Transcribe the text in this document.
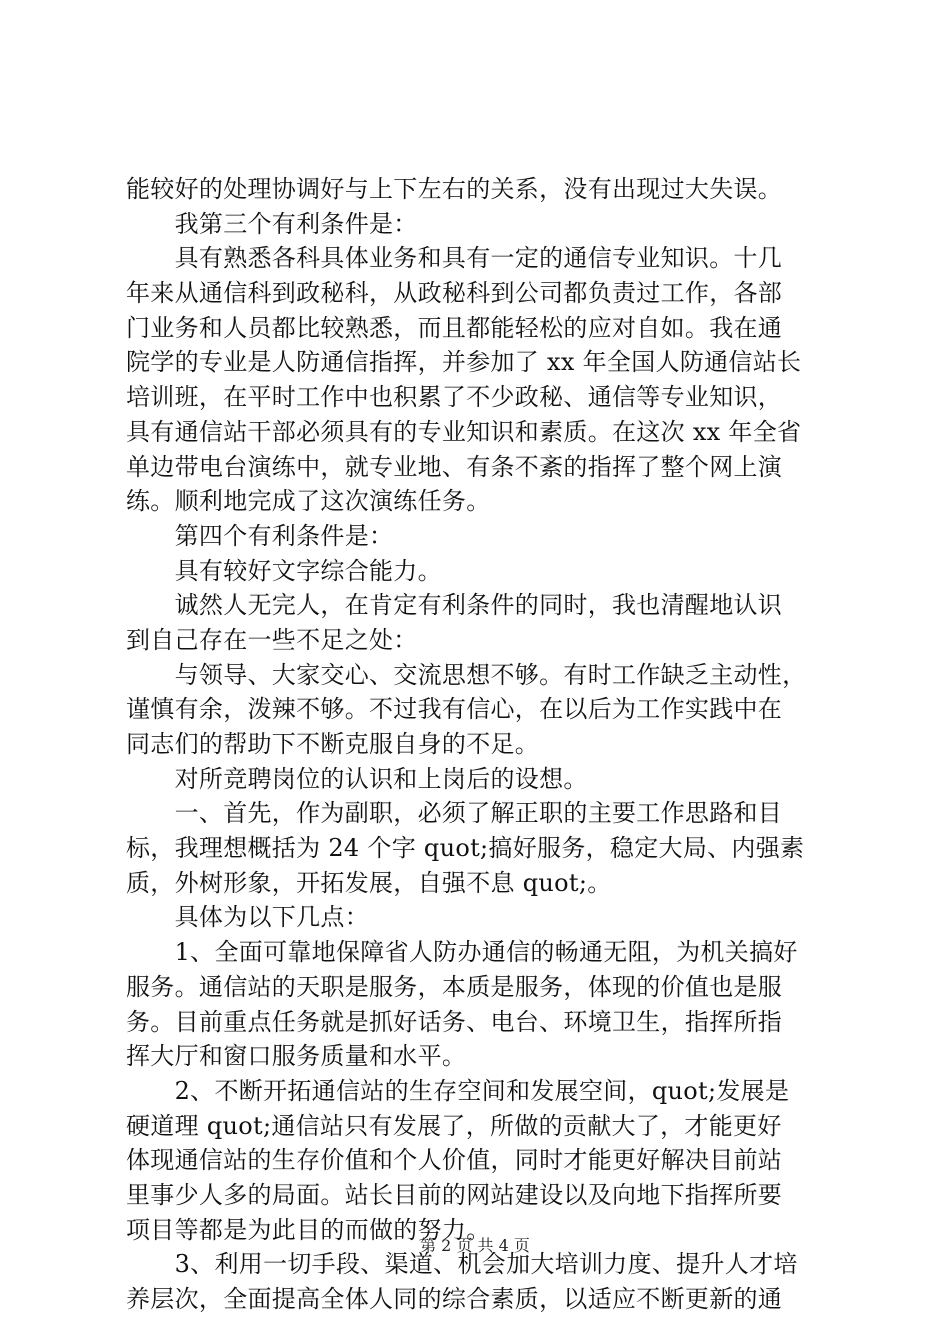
能较好的处理协调好与上下左右的关系，没有出现过大失误。
　　我第三个有利条件是：
　　具有熟悉各科具体业务和具有一定的通信专业知识。十几
年来从通信科到政秘科，从政秘科到公司都负责过工作，各部
门业务和人员都比较熟悉，而且都能轻松的应对自如。我在通
院学的专业是人防通信指挥，并参加了 xx 年全国人防通信站长
培训班，在平时工作中也积累了不少政秘、通信等专业知识，
具有通信站干部必须具有的专业知识和素质。在这次 xx 年全省
单边带电台演练中，就专业地、有条不紊的指挥了整个网上演
练。顺利地完成了这次演练任务。
　　第四个有利条件是：
　　具有较好文字综合能力。
　　诚然人无完人，在肯定有利条件的同时，我也清醒地认识
到自己存在一些不足之处：
　　与领导、大家交心、交流思想不够。有时工作缺乏主动性，
谨慎有余，泼辣不够。不过我有信心，在以后为工作实践中在
同志们的帮助下不断克服自身的不足。
　　对所竞聘岗位的认识和上岗后的设想。
　　一、首先，作为副职，必须了解正职的主要工作思路和目
标，我理想概括为 24 个字 quot;搞好服务，稳定大局、内强素
质，外树形象，开拓发展，自强不息 quot;。
　　具体为以下几点：
　　1、全面可靠地保障省人防办通信的畅通无阻，为机关搞好
服务。通信站的天职是服务，本质是服务，体现的价值也是服
务。目前重点任务就是抓好话务、电台、环境卫生，指挥所指
挥大厅和窗口服务质量和水平。
　　2、不断开拓通信站的生存空间和发展空间，quot;发展是
硬道理 quot;通信站只有发展了，所做的贡献大了，才能更好
体现通信站的生存价值和个人价值，同时才能更好解决目前站
里事少人多的局面。站长目前的网站建设以及向地下指挥所要
项目等都是为此目的而做的努力。
　　3、利用一切手段、渠道、机会加大培训力度、提升人才培
养层次，全面提高全体人同的综合素质，以适应不断更新的通
第 2 页 共 4 页
